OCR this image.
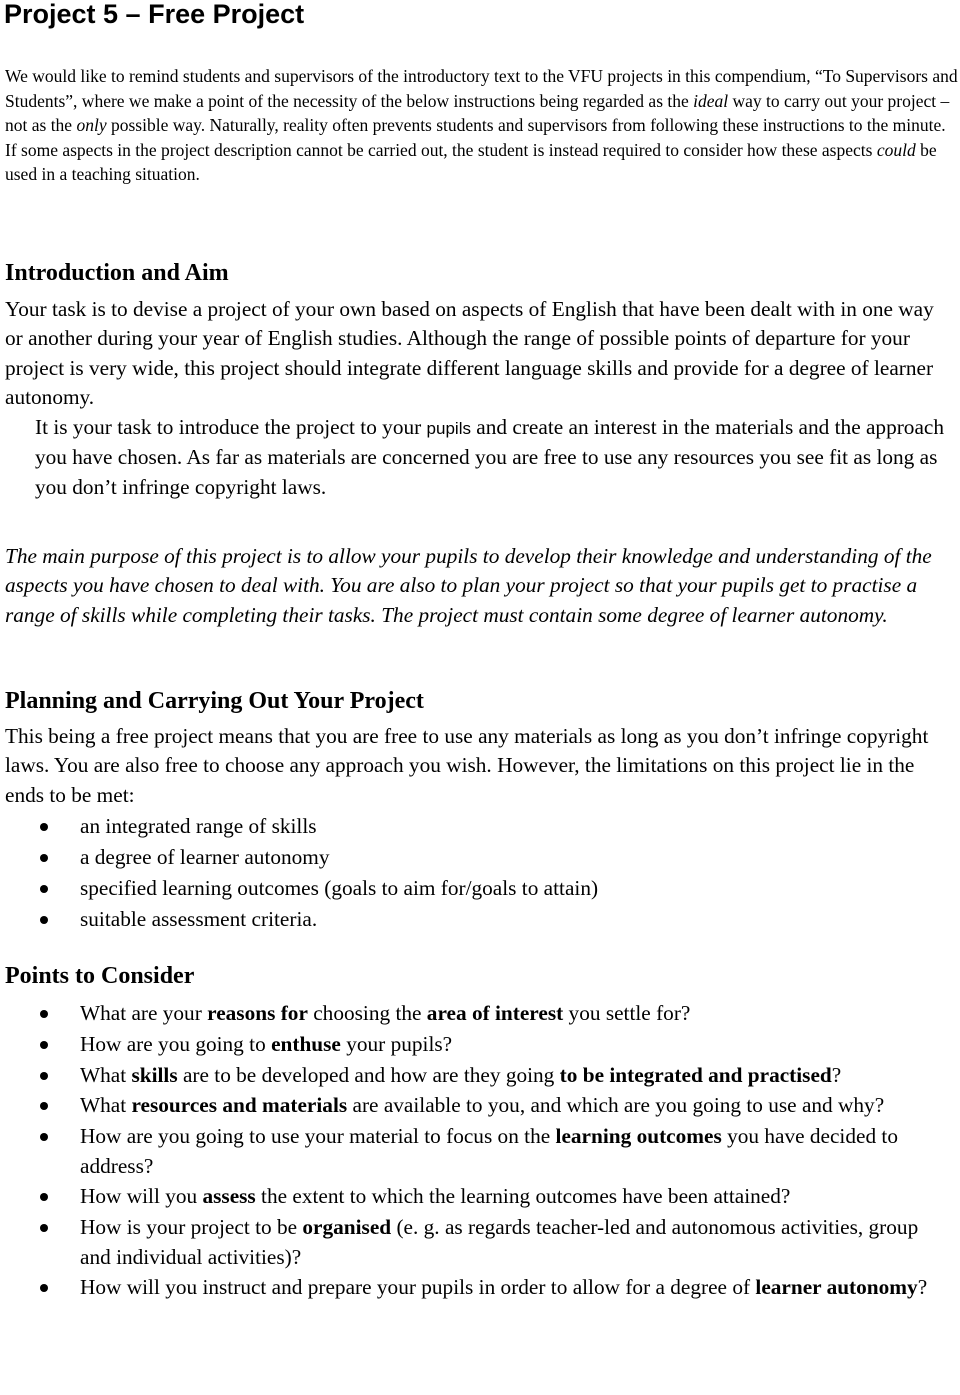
Project 5 – Free Project

We would like to remind students and supervisors of the introductory text to the VFU projects in this compendium, “To Supervisors and Students”, where we make a point of the necessity of the below instructions being regarded as the ideal way to carry out your project – not as the only possible way. Naturally, reality often prevents students and supervisors from following these instructions to the minute. If some aspects in the project description cannot be carried out, the student is instead required to consider how these aspects could be used in a teaching situation.

Introduction and Aim

Your task is to devise a project of your own based on aspects of English that have been dealt with in one way or another during your year of English studies. Although the range of possible points of departure for your project is very wide, this project should integrate different language skills and provide for a degree of learner autonomy.

It is your task to introduce the project to your pupils and create an interest in the materials and the approach you have chosen. As far as materials are concerned you are free to use any resources you see fit as long as you don’t infringe copyright laws.

The main purpose of this project is to allow your pupils to develop their knowledge and understanding of the aspects you have chosen to deal with. You are also to plan your project so that your pupils get to practise a range of skills while completing their tasks. The project must contain some degree of learner autonomy.

Planning and Carrying Out Your Project

This being a free project means that you are free to use any materials as long as you don’t infringe copyright laws. You are also free to choose any approach you wish. However, the limitations on this project lie in the ends to be met:

an integrated range of skills
a degree of learner autonomy
specified learning outcomes (goals to aim for/goals to attain)
suitable assessment criteria.
Points to Consider
What are your reasons for choosing the area of interest you settle for?
How are you going to enthuse your pupils?
What skills are to be developed and how are they going to be integrated and practised?
What resources and materials are available to you, and which are you going to use and why?
How are you going to use your material to focus on the learning outcomes you have decided to address?
How will you assess the extent to which the learning outcomes have been attained?
How is your project to be organised (e. g. as regards teacher-led and autonomous activities, group and individual activities)?
How will you instruct and prepare your pupils in order to allow for a degree of learner autonomy?
